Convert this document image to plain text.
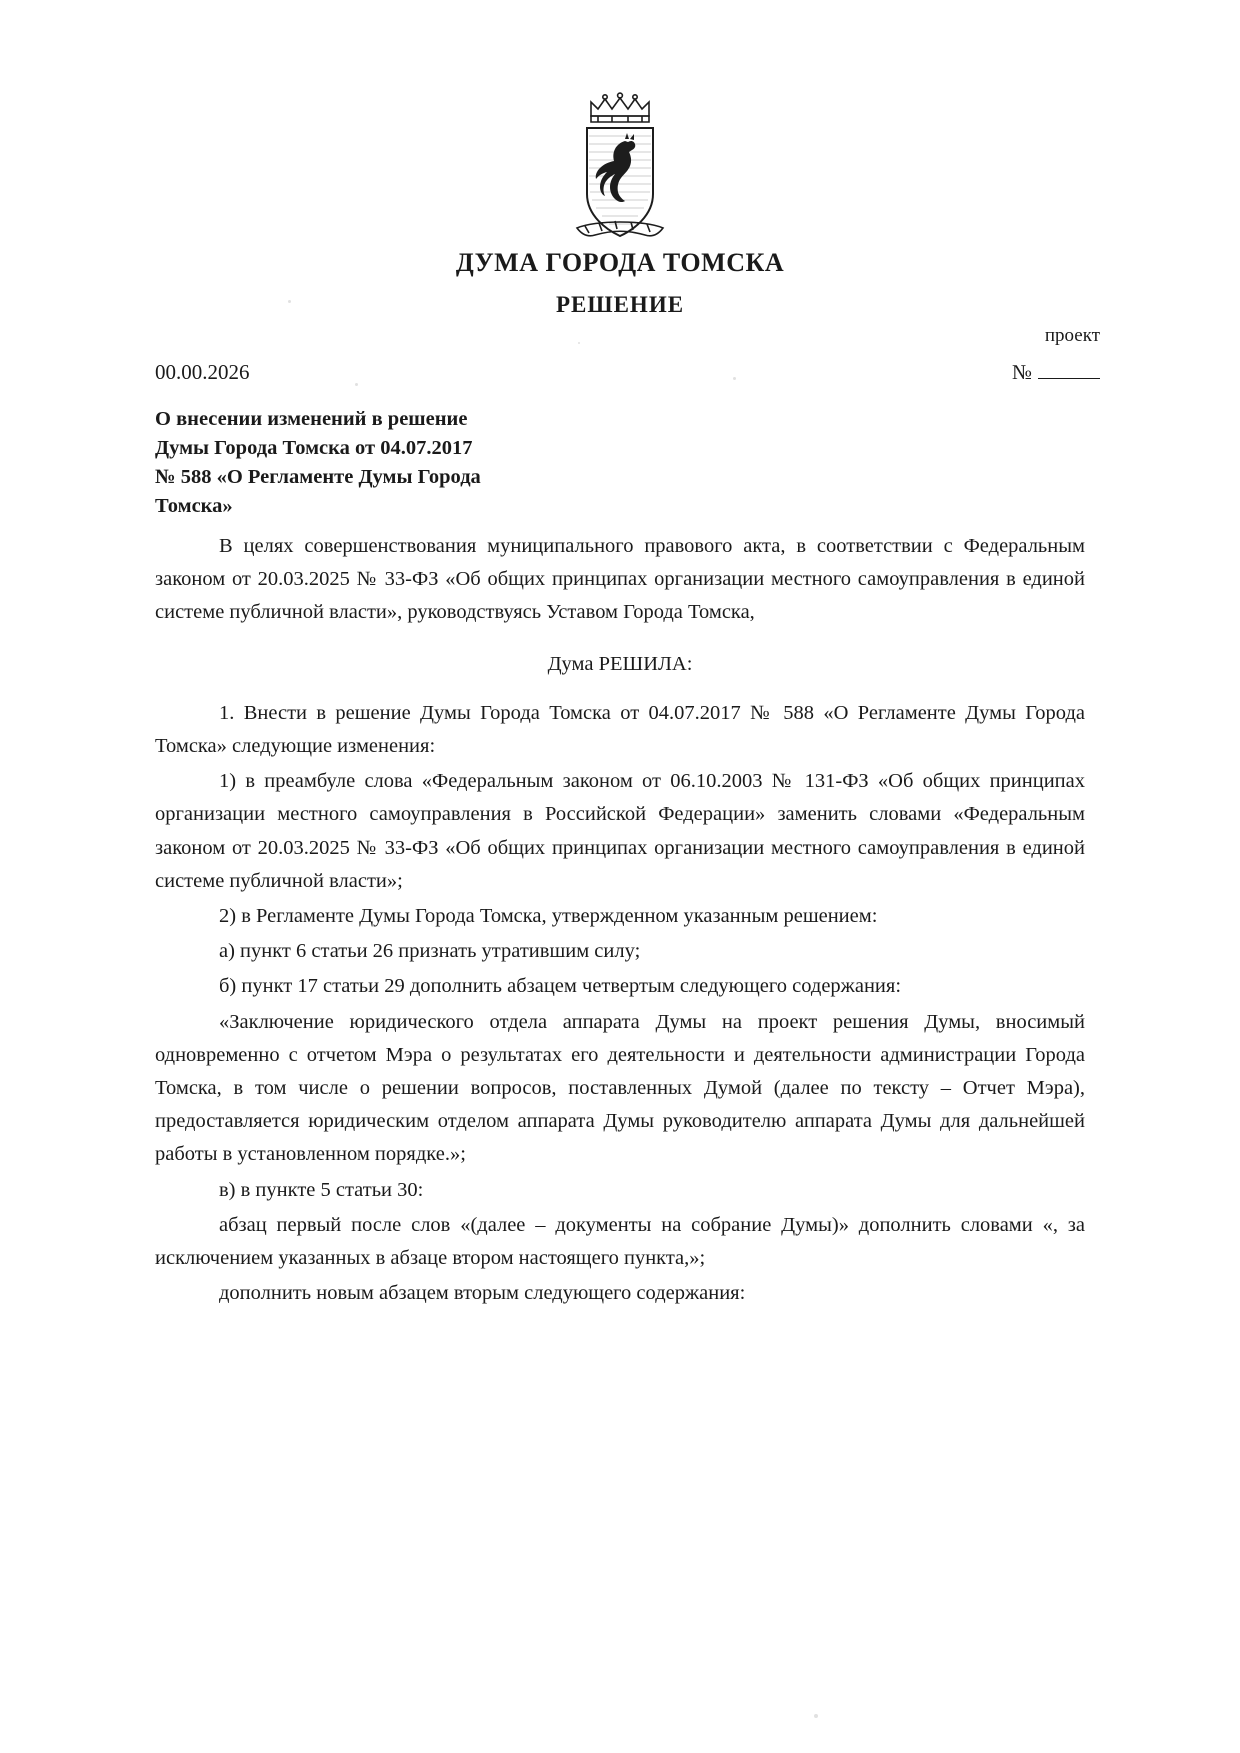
ДУМА ГОРОДА ТОМСКА
РЕШЕНИЕ
проект
00.00.2026	№
О внесении изменений в решение
Думы Города Томска от 04.07.2017
№ 588 «О Регламенте Думы Города
Томска»

В целях совершенствования муниципального правового акта, в соответствии с Федеральным законом от 20.03.2025 № 33-ФЗ «Об общих принципах организации местного самоуправления в единой системе публичной власти», руководствуясь Уставом Города Томска,

Дума РЕШИЛА:

1. Внести в решение Думы Города Томска от 04.07.2017 № 588 «О Регламенте Думы Города Томска» следующие изменения:

1) в преамбуле слова «Федеральным законом от 06.10.2003 № 131-ФЗ «Об общих принципах организации местного самоуправления в Российской Федерации» заменить словами «Федеральным законом от 20.03.2025 № 33-ФЗ «Об общих принципах организации местного самоуправления в единой системе публичной власти»;

2) в Регламенте Думы Города Томска, утвержденном указанным решением:

а) пункт 6 статьи 26 признать утратившим силу;

б) пункт 17 статьи 29 дополнить абзацем четвертым следующего содержания:

«Заключение юридического отдела аппарата Думы на проект решения Думы, вносимый одновременно с отчетом Мэра о результатах его деятельности и деятельности администрации Города Томска, в том числе о решении вопросов, поставленных Думой (далее по тексту – Отчет Мэра), предоставляется юридическим отделом аппарата Думы руководителю аппарата Думы для дальнейшей работы в установленном порядке.»;

в) в пункте 5 статьи 30:

абзац первый после слов «(далее – документы на собрание Думы)» дополнить словами «, за исключением указанных в абзаце втором настоящего пункта,»;

дополнить новым абзацем вторым следующего содержания:
